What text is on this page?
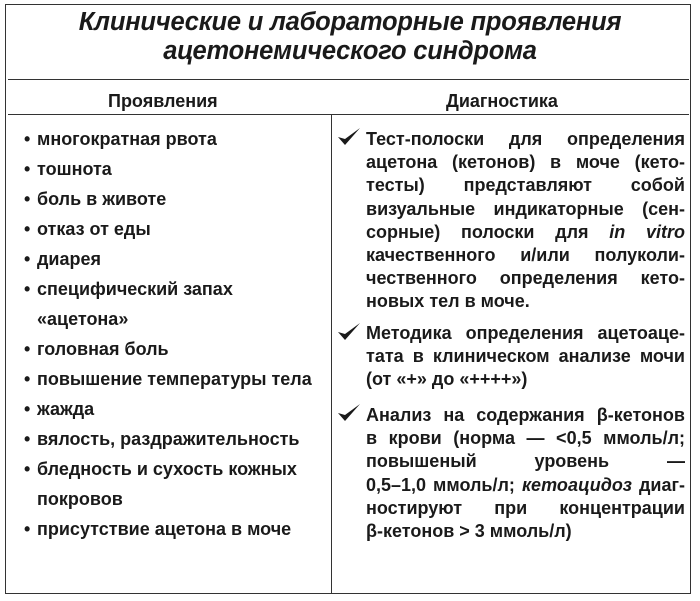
Клинические и лабораторные проявления
ацетонемического синдрома
Проявления	Диагностика
• многократная рвота
• тошнота
• боль в животе
• отказ от еды
• диарея
• специфический запах
«ацетона»
• головная боль
• повышение температуры тела
• жажда
• вялость, раздражительность
• бледность и сухость кожных
покровов
• присутствие ацетона в моче
Тест-полоски для определения
ацетона (кетонов) в моче (кето-
тесты) представляют собой
визуальные индикаторные (сен-
сорные) полоски для in vitro
качественного и/или полуколи-
чественного определения кето-
новых тел в моче.
Методика определения ацетоаце-
тата в клиническом анализе мочи
(от «+» до «++++»)
Анализ на содержания β-кетонов
в крови (норма — <0,5 ммоль/л;
повышеный уровень —
0,5–1,0 ммоль/л; кетоацидоз диаг-
ностируют при концентрации
β-кетонов > 3 ммоль/л)
